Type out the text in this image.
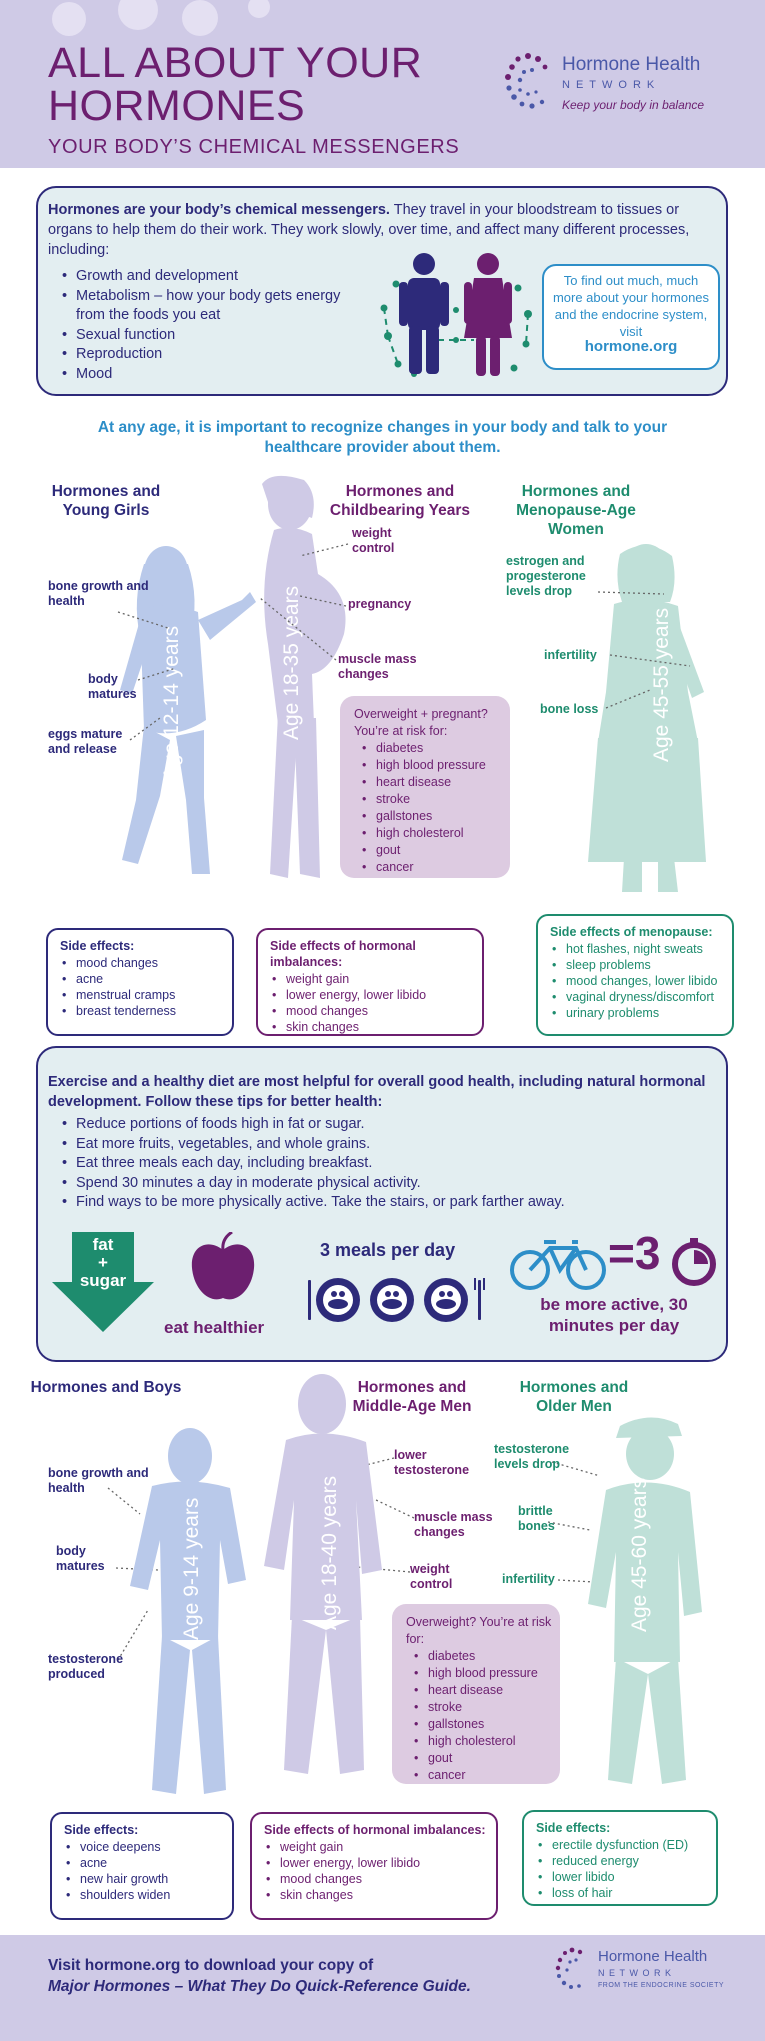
ALL ABOUT YOUR
HORMONES
YOUR BODY’S CHEMICAL MESSENGERS
Hormone Health
NETWORK
Keep your body in balance
Hormones are your body’s chemical messengers. They travel in your bloodstream to tissues or organs to help them do their work. They work slowly, over time, and affect many different processes, including:
• Growth and development
• Metabolism – how your body gets energy from the foods you eat
• Sexual function
• Reproduction
• Mood
To find out much, much more about your hormones and the endocrine system, visit
hormone.org
At any age, it is important to recognize changes in your body and talk to your healthcare provider about them.
Hormones and Young Girls
Hormones and Childbearing Years
Hormones and Menopause-Age Women
Age 12-14 years
bone growth and health
body matures
eggs mature and release
Age 18-35 years
weight control
pregnancy
muscle mass changes
Overweight + pregnant? You’re at risk for:
• diabetes
• high blood pressure
• heart disease
• stroke
• gallstones
• high cholesterol
• gout
• cancer
Age 45-55 years
estrogen and progesterone levels drop
infertility
bone loss
Side effects:
• mood changes
• acne
• menstrual cramps
• breast tenderness
Side effects of hormonal imbalances:
• weight gain
• lower energy, lower libido
• mood changes
• skin changes
Side effects of menopause:
• hot flashes, night sweats
• sleep problems
• mood changes, lower libido
• vaginal dryness/discomfort
• urinary problems
Exercise and a healthy diet are most helpful for overall good health, including natural hormonal development. Follow these tips for better health:
• Reduce portions of foods high in fat or sugar.
• Eat more fruits, vegetables, and whole grains.
• Eat three meals each day, including breakfast.
• Spend 30 minutes a day in moderate physical activity.
• Find ways to be more physically active. Take the stairs, or park farther away.
fat
+
sugar
eat healthier
3 meals per day	=3
be more active, 30 minutes per day
Hormones and Boys	Hormones and Middle-Age Men
Hormones and Older Men
Age 9-14 years
bone growth and health
body matures
testosterone produced
Age 18-40 years
lower testosterone
muscle mass changes
weight control
Overweight? You’re at risk for:
• diabetes
• high blood pressure
• heart disease
• stroke
• gallstones
• high cholesterol
• gout
• cancer
Age 45-60 years
testosterone levels drop
brittle bones
infertility
Side effects:
• voice deepens
• acne
• new hair growth
• shoulders widen
Side effects of hormonal imbalances:
• weight gain
• lower energy, lower libido
• mood changes
• skin changes
Side effects:
• erectile dysfunction (ED)
• reduced energy
• lower libido
• loss of hair
Visit hormone.org to download your copy of
Major Hormones – What They Do Quick-Reference Guide.
Hormone Health
NETWORK
FROM THE ENDOCRINE SOCIETY
